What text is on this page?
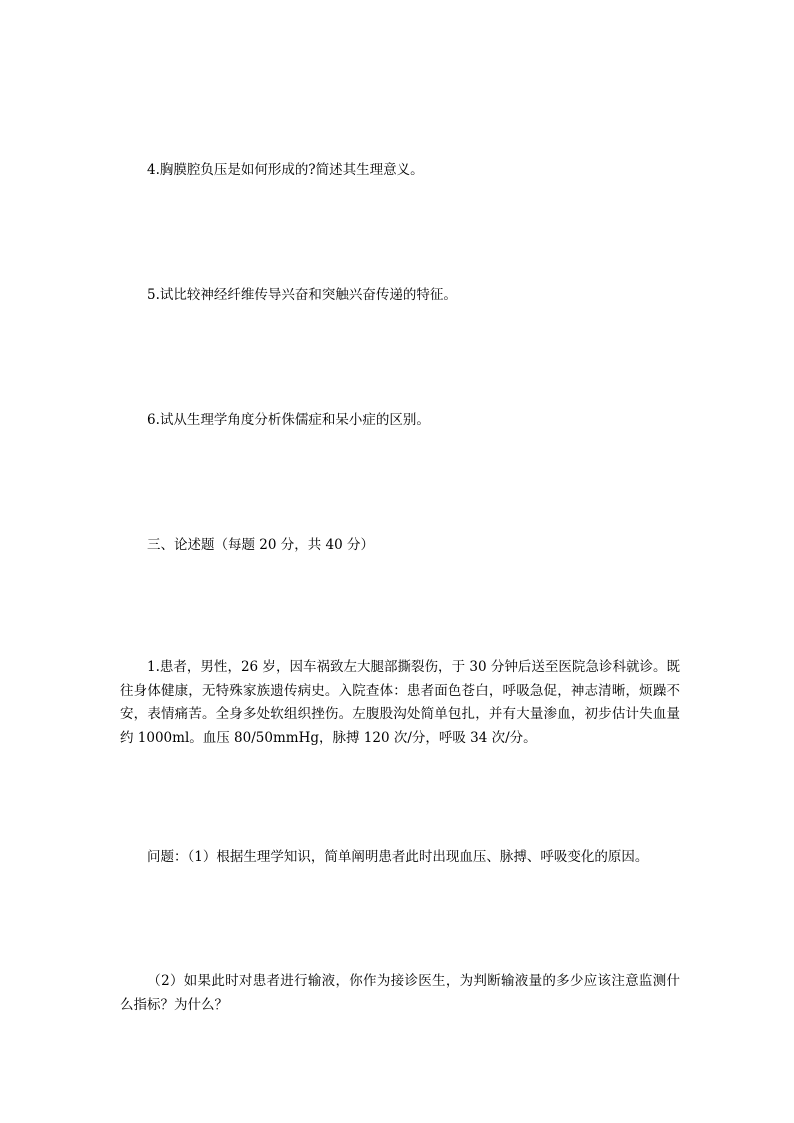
4.胸膜腔负压是如何形成的?简述其生理意义。
5.试比较神经纤维传导兴奋和突触兴奋传递的特征。
6.试从生理学角度分析侏儒症和呆小症的区别。
三、论述题（每题 20 分，共 40 分）
1.患者，男性，26 岁，因车祸致左大腿部撕裂伤，于 30 分钟后送至医院急诊科就诊。既往身体健康，无特殊家族遗传病史。入院查体：患者面色苍白，呼吸急促，神志清晰，烦躁不安，表情痛苦。全身多处软组织挫伤。左腹股沟处简单包扎，并有大量渗血，初步估计失血量约 1000ml。血压 80/50mmHg，脉搏 120 次/分，呼吸 34 次/分。
问题：（1）根据生理学知识，简单阐明患者此时出现血压、脉搏、呼吸变化的原因。
（2）如果此时对患者进行输液，你作为接诊医生，为判断输液量的多少应该注意监测什么指标？为什么？
